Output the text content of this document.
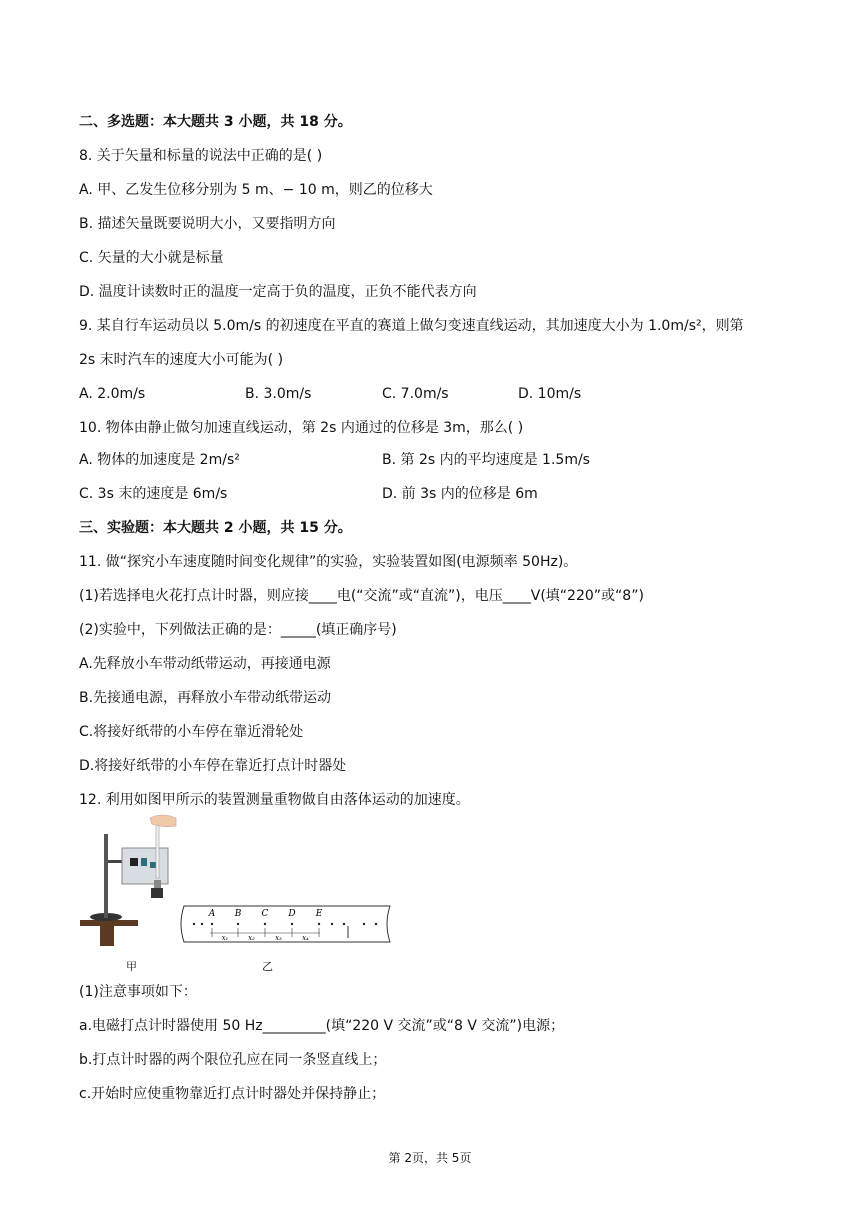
二、多选题：本大题共 3 小题，共 18 分。
8. 关于矢量和标量的说法中正确的是( )
A. 甲、乙发生位移分别为 5 m、− 10 m，则乙的位移大
B. 描述矢量既要说明大小，又要指明方向
C. 矢量的大小就是标量
D. 温度计读数时正的温度一定高于负的温度，正负不能代表方向
9. 某自行车运动员以 5.0m/s 的初速度在平直的赛道上做匀变速直线运动，其加速度大小为 1.0m/s²，则第
2s 末时汽车的速度大小可能为( )
A. 2.0m/s	B. 3.0m/s	C. 7.0m/s	D. 10m/s
10. 物体由静止做匀加速直线运动，第 2s 内通过的位移是 3m，那么( )
A. 物体的加速度是 2m/s²	B. 第 2s 内的平均速度是 1.5m/s
C. 3s 末的速度是 6m/s	D. 前 3s 内的位移是 6m
三、实验题：本大题共 2 小题，共 15 分。
11. 做“探究小车速度随时间变化规律”的实验，实验装置如图(电源频率 50Hz)。
(1)若选择电火花打点计时器，则应接____电(“交流”或“直流”)，电压____V(填“220”或“8”)
(2)实验中，下列做法正确的是：_____(填正确序号)
A.先释放小车带动纸带运动，再接通电源
B.先接通电源，再释放小车带动纸带运动
C.将接好纸带的小车停在靠近滑轮处
D.将接好纸带的小车停在靠近打点计时器处
12. 利用如图甲所示的装置测量重物做自由落体运动的加速度。
甲
A B C D E
x₁	x₂	x₃	x₄
乙
(1)注意事项如下：
a.电磁打点计时器使用 50 Hz_________(填“220 V 交流”或“8 V 交流”)电源；
b.打点计时器的两个限位孔应在同一条竖直线上；
c.开始时应使重物靠近打点计时器处并保持静止；
第 2页，共 5页
